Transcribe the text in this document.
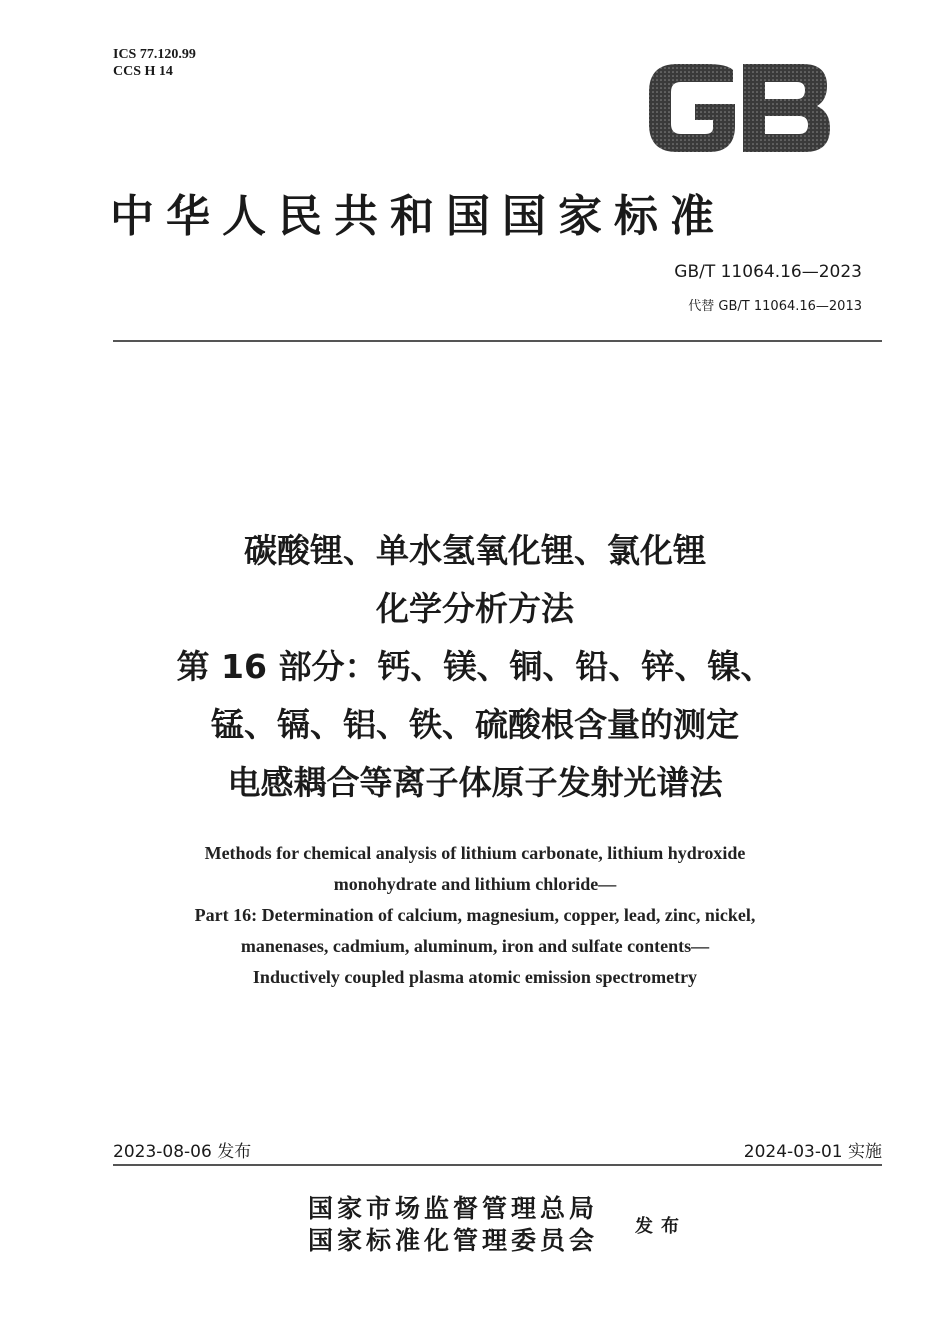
ICS 77.120.99
CCS H 14
中华人民共和国国家标准
GB/T 11064.16—2023
代替 GB/T 11064.16—2013
碳酸锂、单水氢氧化锂、氯化锂
化学分析方法
第 16 部分：钙、镁、铜、铅、锌、镍、
锰、镉、铝、铁、硫酸根含量的测定
电感耦合等离子体原子发射光谱法
Methods for chemical analysis of lithium carbonate, lithium hydroxide
monohydrate and lithium chloride—
Part 16: Determination of calcium, magnesium, copper, lead, zinc, nickel,
manenases, cadmium, aluminum, iron and sulfate contents—
Inductively coupled plasma atomic emission spectrometry
2023-08-06 发布	2024-03-01 实施
国家市场监督管理总局
国家标准化管理委员会 发布
